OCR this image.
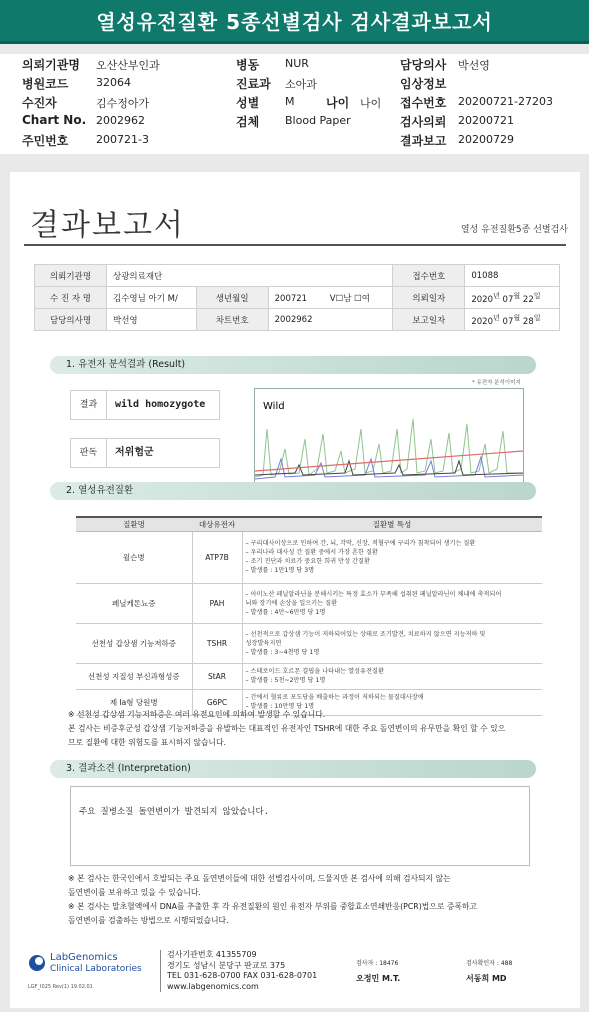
열성유전질환 5종선별검사 검사결과보고서
의뢰기관명 오산산부인과
병원코드	32064
수진자	김수정아가
Chart No. 2002962
주민번호	200721-3
병동 NUR
진료과 소아과
성별 M	나이 나이
검체 Blood Paper
담당의사 박선영
임상정보
접수번호 20200721-27203
검사의뢰 20200721
결과보고 20200729
결과보고서	열성 유전질환5종 선별검사
의뢰기관명	상광의료재단			접수번호	01088
수 진 자 명	김수영님 아기 M/	생년월일	200721 V☐남 ☐여	의뢰일자	$2020^년$ $07^월$ $22^일$
담당의사명	박선영	차트번호	2002962	보고일자	$2020^년$ $07^월$ $28^일$
1. 유전자 분석결과 (Result)
* 유전자 분석이미지
결과	wild homozygote
판독	저위험군
Wild
2. 열성유전질환
질환명	대상유전자	질환별 특성
윌슨병	ATP7B	– 구리대사이상으로 인하여 간, 뇌, 각막, 신장, 적혈구에 구리가 침착되어 생기는 질환
– 우리나라 대사성 간 질환 중에서 가장 흔한 질환
– 조기 진단과 치료가 중요한 희귀 만성 간질환
– 발생률 : 1만1명 당 3명

페닐케톤뇨증	PAH	– 아미노산 페닐알라닌을 분해시키는 특정 효소가 부족해 섭취된 페닐알라닌이 체내에 축적되어
뇌와 장기에 손상을 일으키는 질환
– 발생률 : 4만~6만명 당 1명

선천성 갑상샘 기능저하증	TSHR	– 선천적으로 갑상샘 기능이 저하되어있는 상태로 조기발견, 치료하지 않으면 지능저하 및
성장발육지연
– 발생률 : 3~4천명 당 1명

선천성 지질성 부신과형성증	StAR	– 스테로이드 호르몬 결핍을 나타내는 열성유전질환
– 발생률 : 5천~2만명 당 1명

제 Ia형 당원병	G6PC	– 간에서 혈류로 포도당을 배출하는 과정이 저하되는 물질대사장애
– 발생률 : 10만명 당 1명
※ 선천성 갑상샘 기능저하증은 여러 유전요인에 의하여 발생할 수 있습니다.
본 검사는 비증후군성 갑상샘 기능저하증을 유발하는 대표적인 유전자인 TSHR에 대한 주요 돌연변이의 유무만을 확인 할 수 있으
므로 질환에 대한 위험도를 표시하지 않습니다.
3. 결과소견 (Interpretation)
주요 질병소질 돌연변이가 발견되지 않았습니다.
※ 본 검사는 한국인에서 호발되는 주요 돌연변이들에 대한 선별검사이며, 드물지만 본 검사에 의해 검사되지 않는
돌연변이를 보유하고 있을 수 있습니다.
※ 본 검사는 말초혈액에서 DNA를 추출한 후 각 유전질환의 원인 유전자 부위를 중합효소연쇄반응(PCR)법으로 증폭하고
돌연변이를 검출하는 방법으로 시행되었습니다.
LabGenomics
Clinical Laboratories
검사기관번호 41355709
경기도 성남시 분당구 판교로 375
TEL 031-628-0700 FAX 031-628-0701
www.labgenomics.com
검사자 : 18476
오정민 M.T.
검사확인자 : 488
서동희 MD
LGF_I025 Rev(1) 19.02.01
